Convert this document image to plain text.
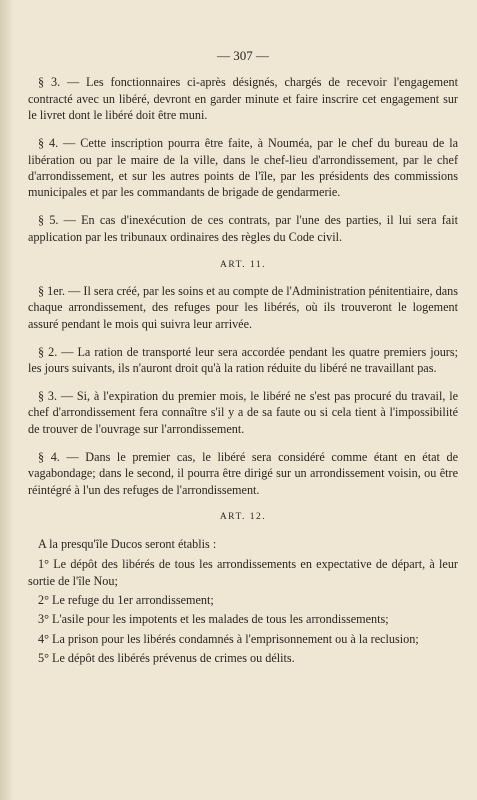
— 307 —

§ 3. — Les fonctionnaires ci-après désignés, chargés de recevoir l'engagement contracté avec un libéré, devront en garder minute et faire inscrire cet engagement sur le livret dont le libéré doit être muni.

§ 4. — Cette inscription pourra être faite, à Nouméa, par le chef du bureau de la libération ou par le maire de la ville, dans le chef-lieu d'arrondissement, par le chef d'arrondissement, et sur les autres points de l'île, par les présidents des commissions municipales et par les commandants de brigade de gendarmerie.

§ 5. — En cas d'inexécution de ces contrats, par l'une des parties, il lui sera fait application par les tribunaux ordinaires des règles du Code civil.

ART. 11.

§ 1er. — Il sera créé, par les soins et au compte de l'Administration pénitentiaire, dans chaque arrondissement, des refuges pour les libérés, où ils trouveront le logement assuré pendant le mois qui suivra leur arrivée.

§ 2. — La ration de transporté leur sera accordée pendant les quatre premiers jours; les jours suivants, ils n'auront droit qu'à la ration réduite du libéré ne travaillant pas.

§ 3. — Si, à l'expiration du premier mois, le libéré ne s'est pas procuré du travail, le chef d'arrondissement fera connaître s'il y a de sa faute ou si cela tient à l'impossibilité de trouver de l'ouvrage sur l'arrondissement.

§ 4. — Dans le premier cas, le libéré sera considéré comme étant en état de vagabondage; dans le second, il pourra être dirigé sur un arrondissement voisin, ou être réintégré à l'un des refuges de l'arrondissement.

ART. 12.

A la presqu'île Ducos seront établis :

1° Le dépôt des libérés de tous les arrondissements en expectative de départ, à leur sortie de l'île Nou;
2° Le refuge du 1er arrondissement;
3° L'asile pour les impotents et les malades de tous les arrondissements;
4° La prison pour les libérés condamnés à l'emprisonnement ou à la reclusion;
5° Le dépôt des libérés prévenus de crimes ou délits.
